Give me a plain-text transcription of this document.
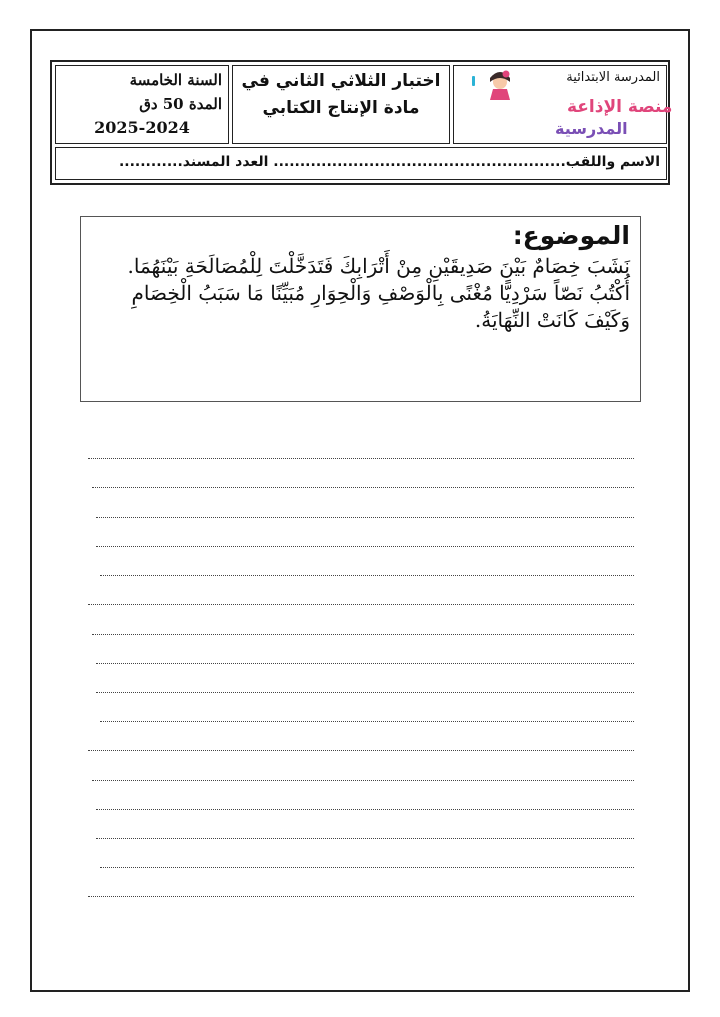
المدرسة الابتدائية
منصة الإذاعة
المدرسية
اختبار الثلاثي الثاني في
مادة الإنتاج الكتابي
السنة الخامسة
المدة 50 دق
2025-2024
الاسم واللقب....................................................... العدد المسند............
الموضوع:
نَشَبَ خِصَامٌ بَيْنَ صَدِيقَيْنِ مِنْ أَتْرَابِكَ فَتَدَخَّلْتَ لِلْمُصَالَحَةِ بَيْنَهُمَا.
أُكْتُبُ نَصّاً سَرْدِيًّا مُغْنًى بِالْوَصْفِ وَالْحِوَارِ مُبَيِّنًا مَا سَبَبُ الْخِصَامِ وَكَيْفَ كَانَتْ النِّهَايَةُ.
